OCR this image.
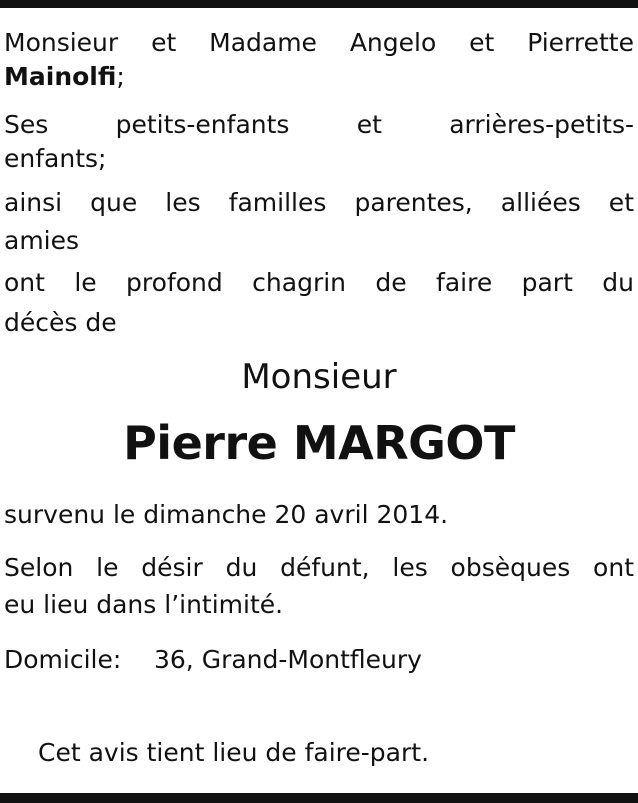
Monsieur et Madame Angelo et Pierrette
Mainolfi;
Ses petits-enfants et arrières-petits-
enfants;
ainsi que les familles parentes, alliées et
amies
ont le profond chagrin de faire part du
décès de
Monsieur
Pierre MARGOT
survenu le dimanche 20 avril 2014.
Selon le désir du défunt, les obsèques ont
eu lieu dans l’intimité.
Domicile: 36, Grand-Montfleury
Cet avis tient lieu de faire-part.
